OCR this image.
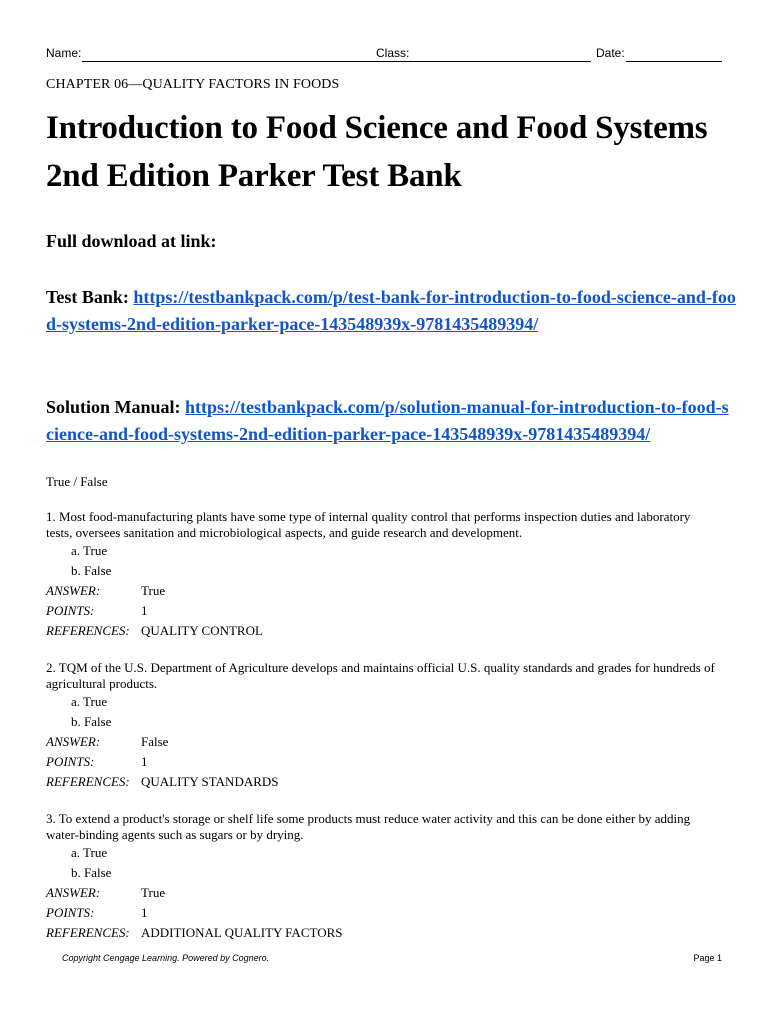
Name:	Class:	Date:
CHAPTER 06—QUALITY FACTORS IN FOODS
Introduction to Food Science and Food Systems 2nd Edition Parker Test Bank
Full download at link:
Test Bank: https://testbankpack.com/p/test-bank-for-introduction-to-food-science-and-food-systems-2nd-edition-parker-pace-143548939x-9781435489394/
Solution Manual: https://testbankpack.com/p/solution-manual-for-introduction-to-food-science-and-food-systems-2nd-edition-parker-pace-143548939x-9781435489394/
True / False

1. Most food-manufacturing plants have some type of internal quality control that performs inspection duties and laboratory tests, oversees sanitation and microbiological aspects, and guide research and development.

a. True
b. False
ANSWER:	True
POINTS:	1
REFERENCES: QUALITY CONTROL

2. TQM of the U.S. Department of Agriculture develops and maintains official U.S. quality standards and grades for hundreds of agricultural products.

a. True
b. False
ANSWER:	False
POINTS:	1
REFERENCES: QUALITY STANDARDS

3. To extend a product's storage or shelf life some products must reduce water activity and this can be done either by adding water-binding agents such as sugars or by drying.

a. True
b. False
ANSWER:	True
POINTS:	1
REFERENCES: ADDITIONAL QUALITY FACTORS
Copyright Cengage Learning. Powered by Cognero.	Page 1
